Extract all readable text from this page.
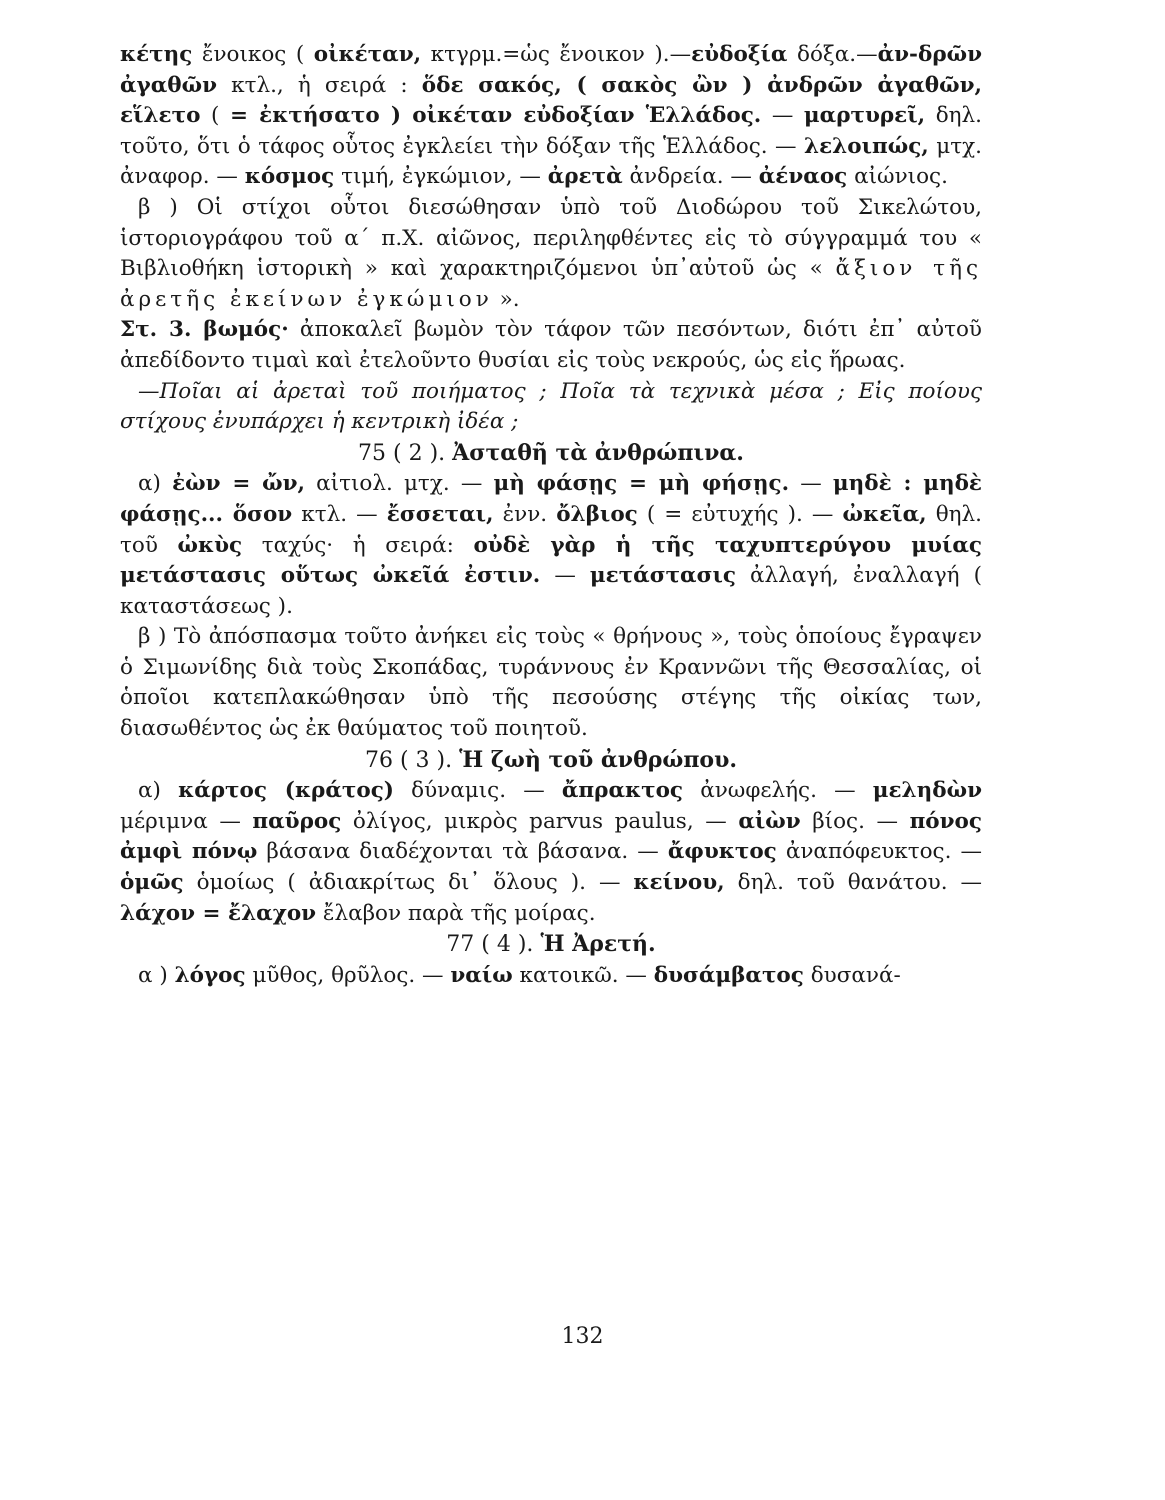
κέτης ἔνοικος ( οἰκέταν, κτγρμ.=ὡς ἔνοικον ).—εὐδοξία δόξα.—ἀν-δρῶν ἀγαθῶν κτλ., ἡ σειρά : ὅδε σακός, ( σακὸς ὢν ) ἀνδρῶν ἀγαθῶν, εἵλετο ( = ἐκτήσατο ) οἰκέταν εὐδοξίαν Ἑλλάδος. — μαρτυρεῖ, δηλ. τοῦτο, ὅτι ὁ τάφος οὗτος ἐγκλείει τὴν δόξαν τῆς Ἑλλάδος. — λελοιπώς, μτχ. ἀναφορ. — κόσμος τιμή, ἐγκώμιον, — ἀρετὰ ἀνδρεία. — ἀέναος αἰώνιος.

β ) Οἱ στίχοι οὗτοι διεσώθησαν ὑπὸ τοῦ Διοδώρου τοῦ Σικελώτου, ἱστοριογράφου τοῦ α΄ π.Χ. αἰῶνος, περιληφθέντες εἰς τὸ σύγγραμμά του « Βιβλιοθήκη ἱστορικὴ » καὶ χαρακτηριζόμενοι ὑπ᾿αὐτοῦ ὡς « ἄξιον τῆς ἀρετῆς ἐκείνων ἐγκώμιον ».

Στ. 3. βωμός· ἀποκαλεῖ βωμὸν τὸν τάφον τῶν πεσόντων, διότι ἐπ᾿ αὐτοῦ ἀπεδίδοντο τιμαὶ καὶ ἐτελοῦντο θυσίαι εἰς τοὺς νεκρούς, ὡς εἰς ἥρωας.

—Ποῖαι αἱ ἀρεταὶ τοῦ ποιήματος ; Ποῖα τὰ τεχνικὰ μέσα ; Εἰς ποίους στίχους ἐνυπάρχει ἡ κεντρικὴ ἰδέα ;

75 ( 2 ). Ἀσταθῆ τὰ ἀνθρώπινα.

α) ἐὼν = ὤν, αἰτιολ. μτχ. — μὴ φάσῃς = μὴ φήσῃς. — μηδὲ : μηδὲ φάσῃς... ὅσον κτλ. — ἔσσεται, ἐνν. ὄλβιος ( = εὐτυχής ). — ὠκεῖα, θηλ. τοῦ ὠκὺς ταχύς· ἡ σειρά: οὐδὲ γὰρ ἡ τῆς ταχυπτερύγου μυίας μετάστασις οὕτως ὠκεῖά ἐστιν. — μετάστασις ἀλλαγή, ἐναλλαγή ( καταστάσεως ).

β ) Τὸ ἀπόσπασμα τοῦτο ἀνήκει εἰς τοὺς « θρήνους », τοὺς ὁποίους ἔγραψεν ὁ Σιμωνίδης διὰ τοὺς Σκοπάδας, τυράννους ἐν Κραννῶνι τῆς Θεσσαλίας, οἱ ὁποῖοι κατεπλακώθησαν ὑπὸ τῆς πεσούσης στέγης τῆς οἰκίας των, διασωθέντος ὡς ἐκ θαύματος τοῦ ποιητοῦ.

76 ( 3 ). Ἡ ζωὴ τοῦ ἀνθρώπου.

α) κάρτος (κράτος) δύναμις. — ἄπρακτος ἀνωφελής. — μεληδὼν μέριμνα — παῦρος ὀλίγος, μικρὸς parvus paulus, — αἰὼν βίος. — πόνος ἀμφὶ πόνῳ βάσανα διαδέχονται τὰ βάσανα. — ἄφυκτος ἀναπόφευκτος. — ὁμῶς ὁμοίως ( ἀδιακρίτως δι᾿ ὅλους ). — κείνου, δηλ. τοῦ θανάτου. — λάχον = ἔλαχον ἔλαβον παρὰ τῆς μοίρας.

77 ( 4 ). Ἡ Ἀρετή.

α ) λόγος μῦθος, θρῦλος. — ναίω κατοικῶ. — δυσάμβατος δυσανά-

132
